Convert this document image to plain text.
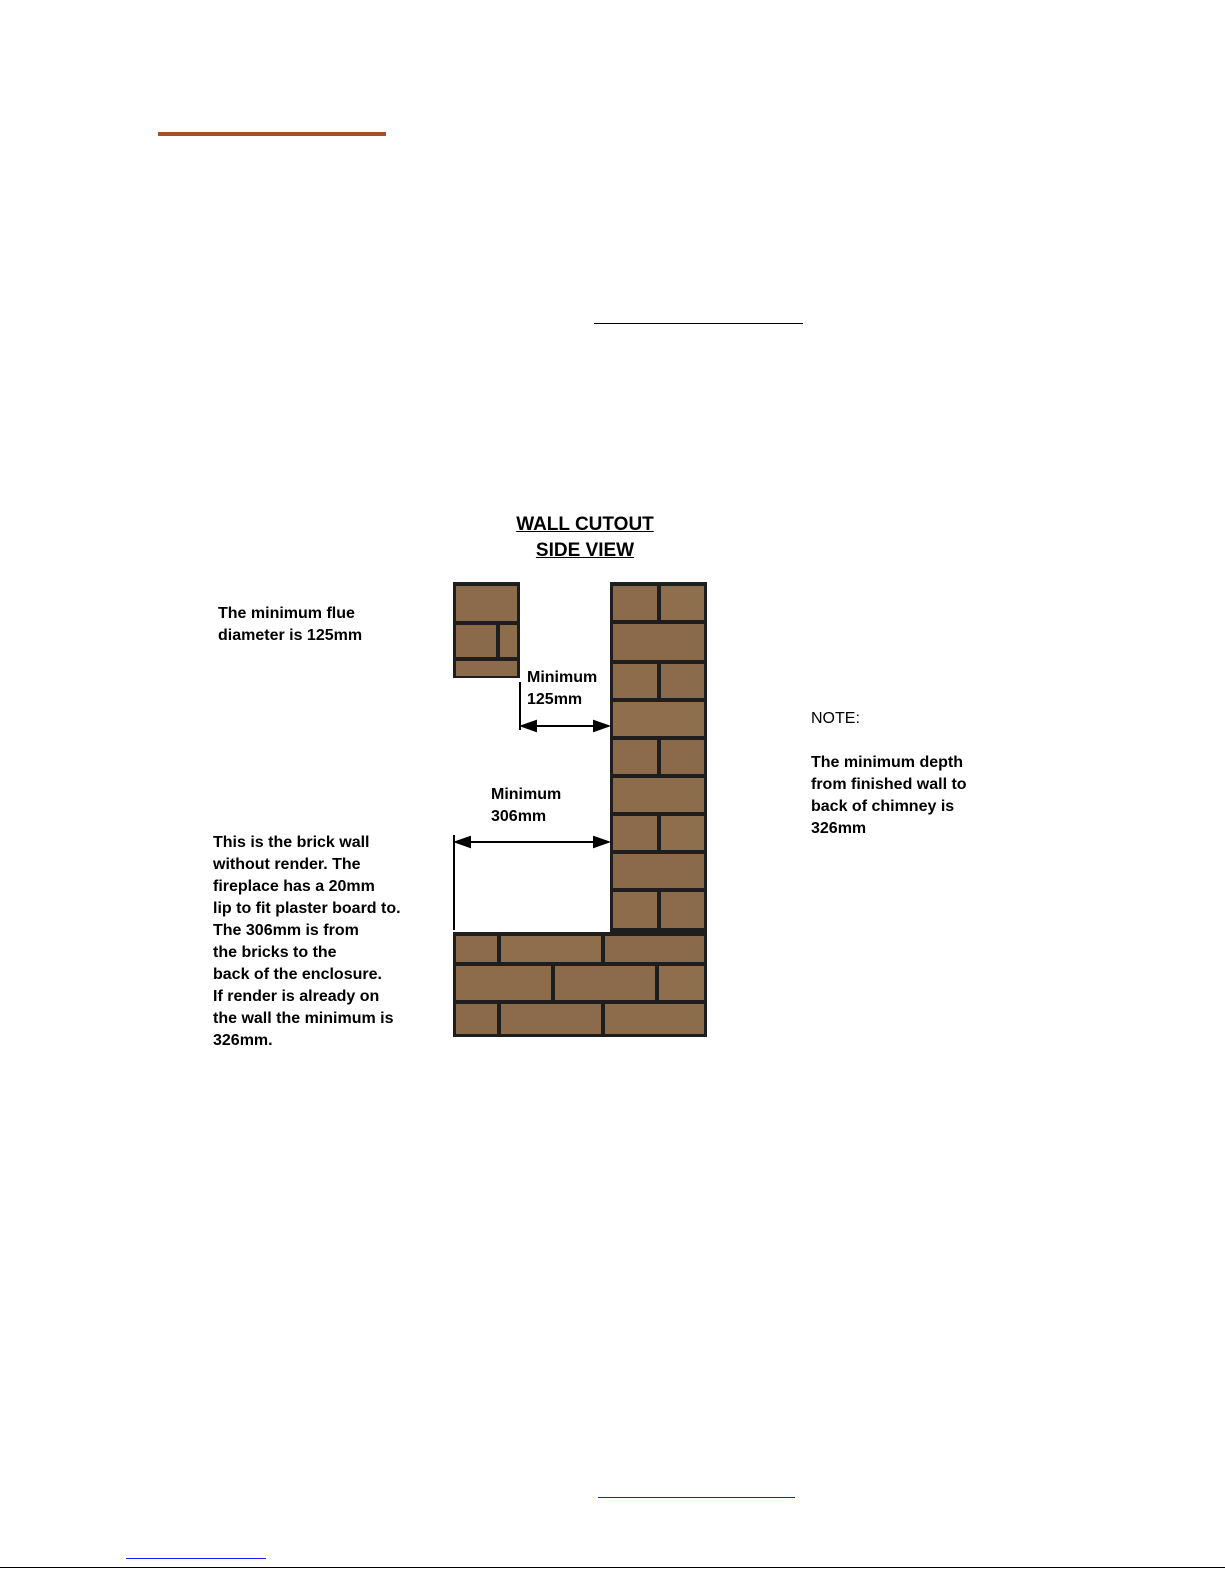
WALL CUTOUT
SIDE VIEW
The minimum flue
diameter is 125mm
Minimum
125mm
Minimum
306mm
This is the brick wall
without render. The
fireplace has a 20mm
lip to fit plaster board to.
The 306mm is from
the bricks to the
back of the enclosure.
If render is already on
the wall the minimum is
326mm.
NOTE:
The minimum depth
from finished wall to
back of chimney is
326mm
